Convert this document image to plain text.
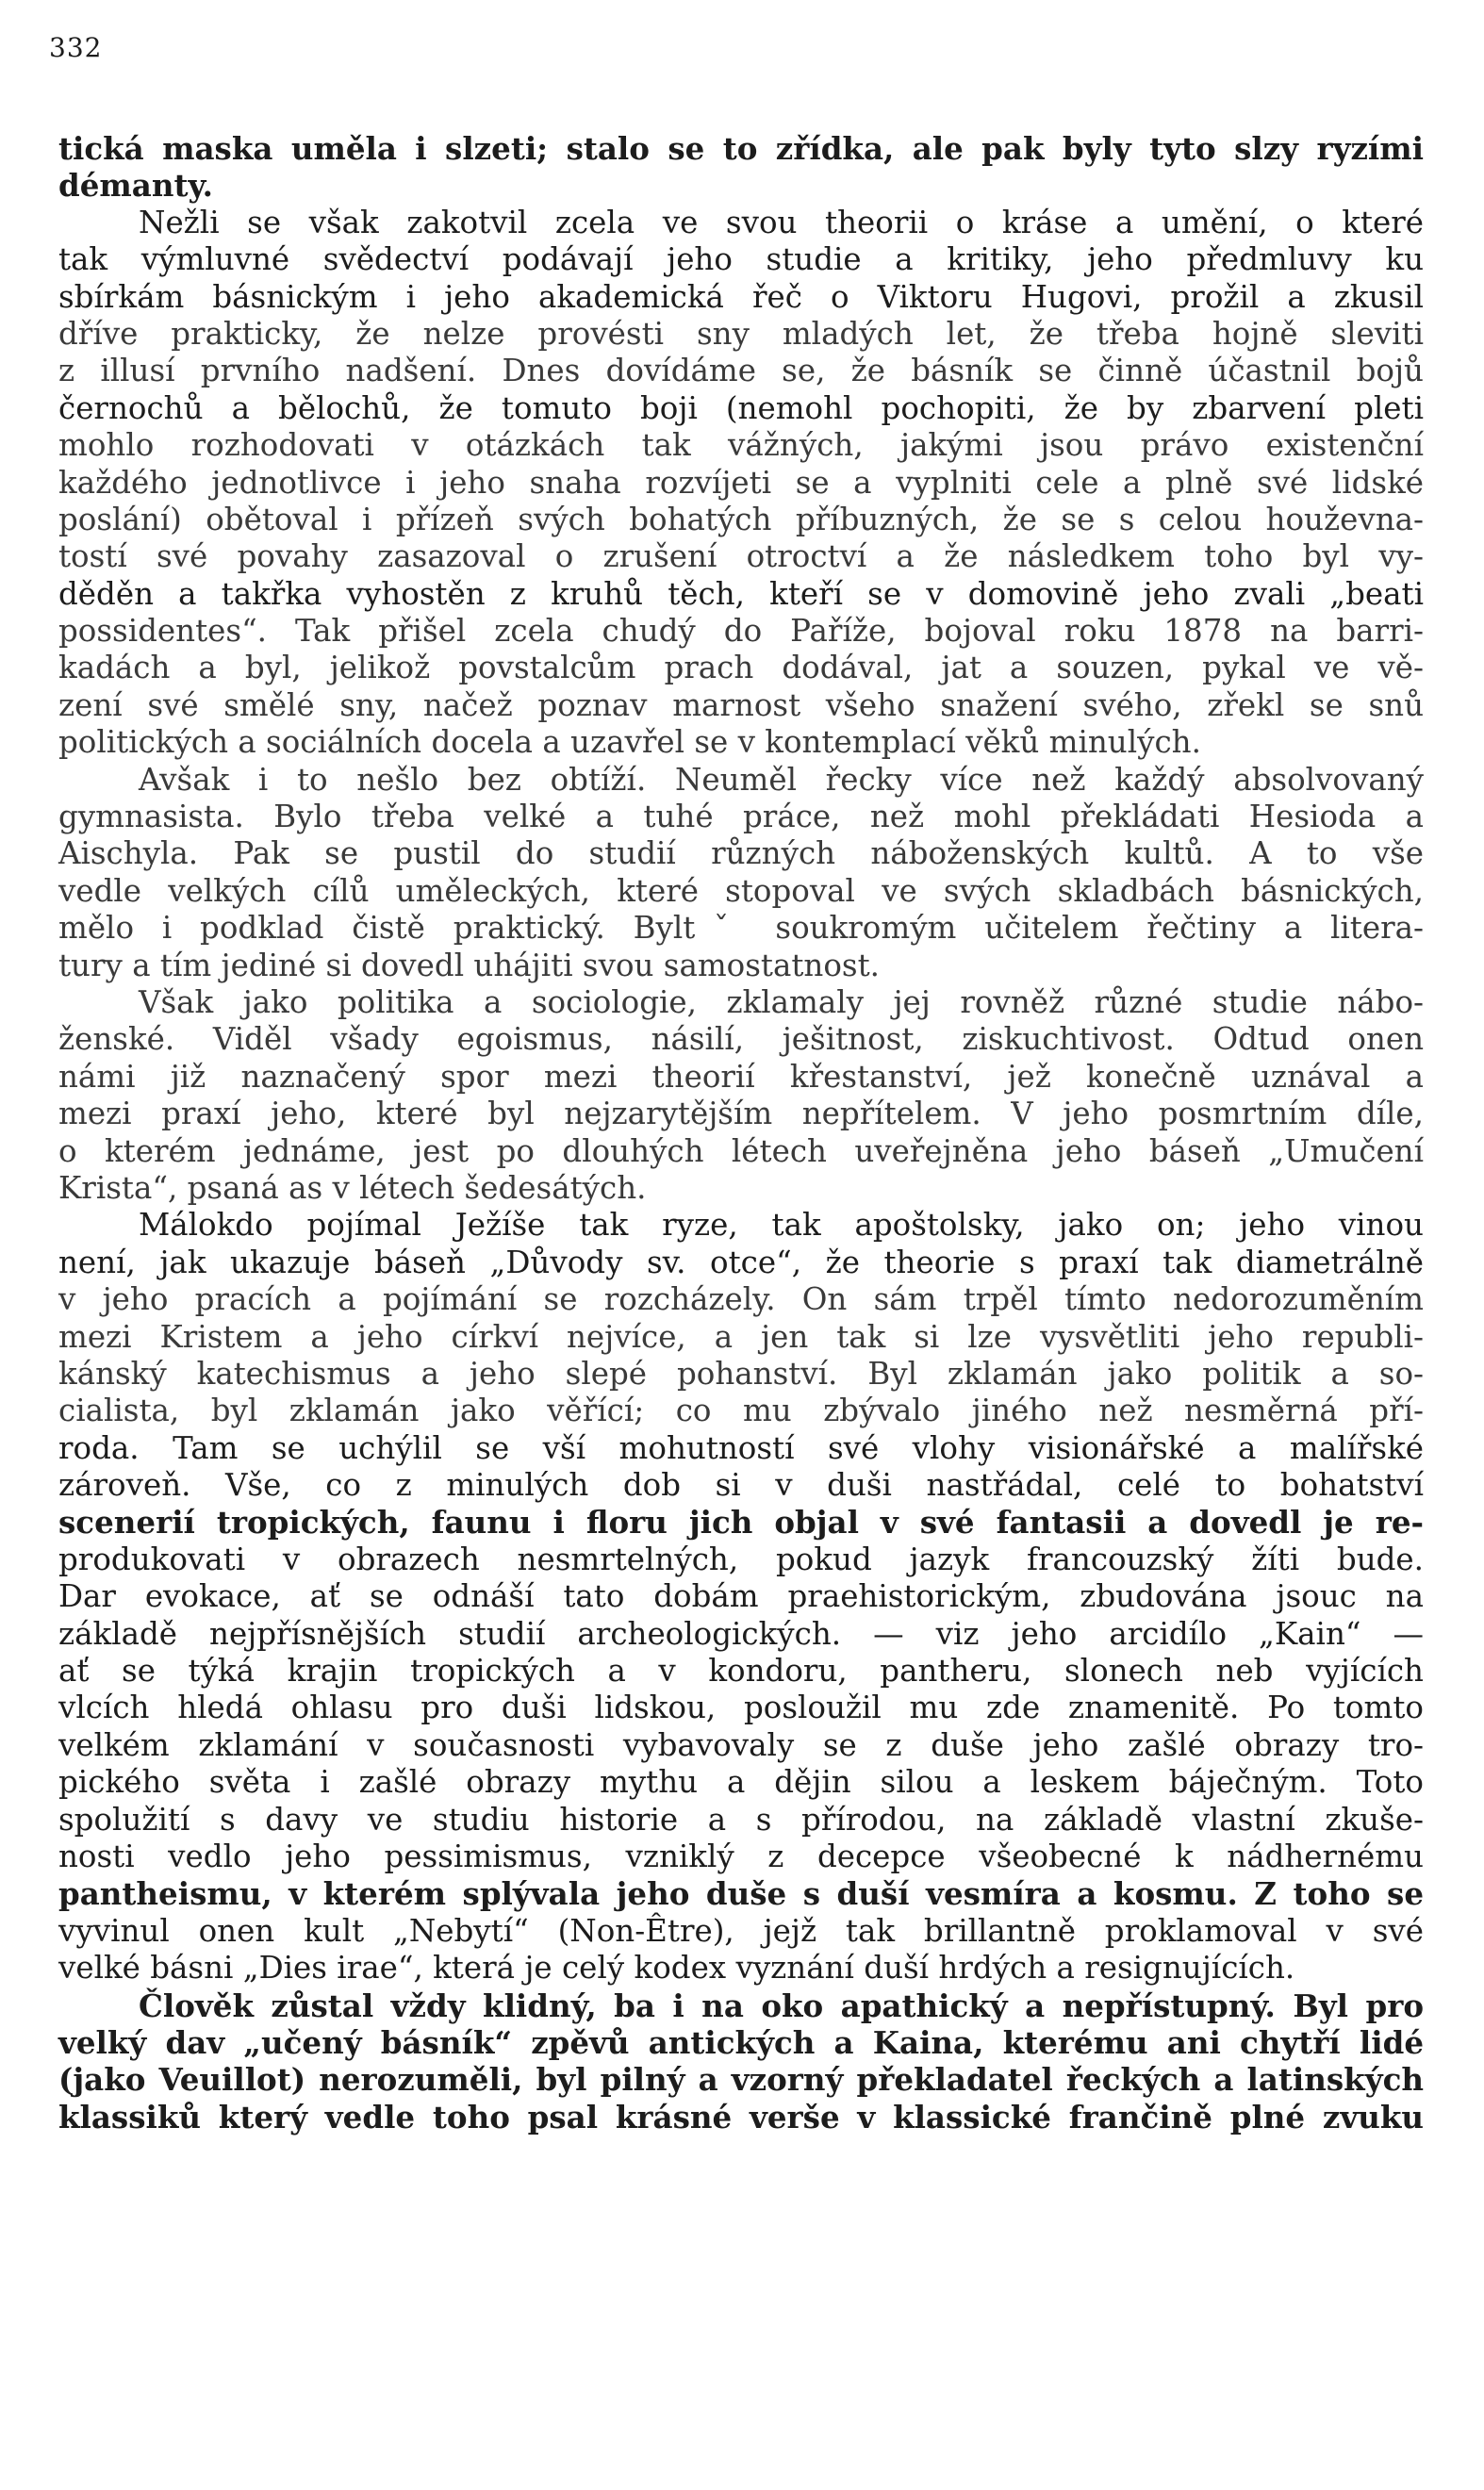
332
tická maska uměla i slzeti; stalo se to zřídka, ale pak byly tyto slzy ryzími
démanty.
Nežli se však zakotvil zcela ve svou theorii o kráse a umění, o které
tak výmluvné svědectví podávají jeho studie a kritiky, jeho předmluvy ku
sbírkám básnickým i jeho akademická řeč o Viktoru Hugovi, prožil a zkusil
dříve prakticky, že nelze provésti sny mladých let, že třeba hojně sleviti
z illusí prvního nadšení. Dnes dovídáme se, že básník se činně účastnil bojů
černochů a bělochů, že tomuto boji (nemohl pochopiti, že by zbarvení pleti
mohlo rozhodovati v otázkách tak vážných, jakými jsou právo existenční
každého jednotlivce i jeho snaha rozvíjeti se a vyplniti cele a plně své lidské
poslání) obětoval i přízeň svých bohatých příbuzných, že se s celou houževna-
tostí své povahy zasazoval o zrušení otroctví a že následkem toho byl vy-
děděn a takřka vyhostěn z kruhů těch, kteří se v domovině jeho zvali „beati
possidentes“. Tak přišel zcela chudý do Paříže, bojoval roku 1878 na barri-
kadách a byl, jelikož povstalcům prach dodával, jat a souzen, pykal ve vě-
zení své smělé sny, načež poznav marnost všeho snažení svého, zřekl se snů
politických a sociálních docela a uzavřel se v kontemplací věků minulých.
Avšak i to nešlo bez obtíží. Neuměl řecky více než každý absolvovaný
gymnasista. Bylo třeba velké a tuhé práce, než mohl překládati Hesioda a
Aischyla. Pak se pustil do studií různých náboženských kultů. A to vše
vedle velkých cílů uměleckých, které stopoval ve svých skladbách básnických,
mělo i podklad čistě praktický. Byltˇ soukromým učitelem řečtiny a litera-
tury a tím jediné si dovedl uhájiti svou samostatnost.
Však jako politika a sociologie, zklamaly jej rovněž různé studie nábo-
ženské. Viděl všady egoismus, násilí, ješitnost, ziskuchtivost. Odtud onen
námi již naznačený spor mezi theorií křestanství, jež konečně uznával a
mezi praxí jeho, které byl nejzarytějším nepřítelem. V jeho posmrtním díle,
o kterém jednáme, jest po dlouhých létech uveřejněna jeho báseň „Umučení
Krista“, psaná as v létech šedesátých.
Málokdo pojímal Ježíše tak ryze, tak apoštolsky, jako on; jeho vinou
není, jak ukazuje báseň „Důvody sv. otce“, že theorie s praxí tak diametrálně
v jeho pracích a pojímání se rozcházely. On sám trpěl tímto nedorozuměním
mezi Kristem a jeho církví nejvíce, a jen tak si lze vysvětliti jeho republi-
kánský katechismus a jeho slepé pohanství. Byl zklamán jako politik a so-
cialista, byl zklamán jako věřící; co mu zbývalo jiného než nesměrná pří-
roda. Tam se uchýlil se vší mohutností své vlohy visionářské a malířské
zároveň. Vše, co z minulých dob si v duši nastřádal, celé to bohatství
scenerií tropických, faunu i floru jich objal v své fantasii a dovedl je re-
produkovati v obrazech nesmrtelných, pokud jazyk francouzský žíti bude.
Dar evokace, ať se odnáší tato dobám praehistorickým, zbudována jsouc na
základě nejpřísnějších studií archeologických. — viz jeho arcidílo „Kain“ —
ať se týká krajin tropických a v kondoru, pantheru, slonech neb vyjících
vlcích hledá ohlasu pro duši lidskou, posloužil mu zde znamenitě. Po tomto
velkém zklamání v současnosti vybavovaly se z duše jeho zašlé obrazy tro-
pického světa i zašlé obrazy mythu a dějin silou a leskem báječným. Toto
spolužití s davy ve studiu historie a s přírodou, na základě vlastní zkuše-
nosti vedlo jeho pessimismus, vzniklý z decepce všeobecné k nádhernému
pantheismu, v kterém splývala jeho duše s duší vesmíra a kosmu. Z toho se
vyvinul onen kult „Nebytí“ (Non-Être), jejž tak brillantně proklamoval v své
velké básni „Dies irae“, která je celý kodex vyznání duší hrdých a resignujících.
Člověk zůstal vždy klidný, ba i na oko apathický a nepřístupný. Byl pro
velký dav „učený básník“ zpěvů antických a Kaina, kterému ani chytří lidé
(jako Veuillot) nerozuměli, byl pilný a vzorný překladatel řeckých a latinských
klassiků který vedle toho psal krásné verše v klassické frančině plné zvuku
